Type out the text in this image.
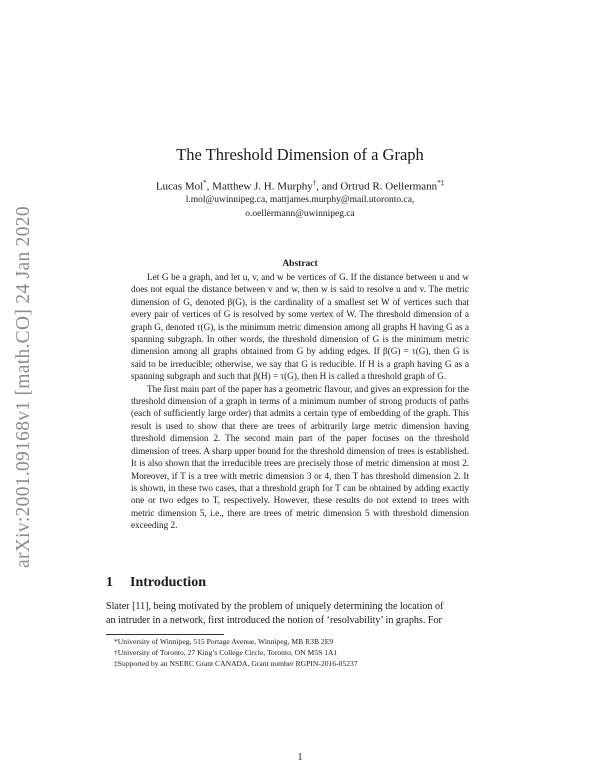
arXiv:2001.09168v1 [math.CO] 24 Jan 2020
The Threshold Dimension of a Graph
Lucas Mol*, Matthew J. H. Murphy†, and Ortrud R. Oellermann*‡
l.mol@uwinnipeg.ca, mattjames.murphy@mail.utoronto.ca,
o.oellermann@uwinnipeg.ca
Abstract

Let G be a graph, and let u, v, and w be vertices of G. If the distance between u and w does not equal the distance between v and w, then w is said to resolve u and v. The metric dimension of G, denoted β(G), is the cardinality of a smallest set W of vertices such that every pair of vertices of G is resolved by some vertex of W. The threshold dimension of a graph G, denoted τ(G), is the minimum metric dimension among all graphs H having G as a spanning subgraph. In other words, the threshold dimension of G is the minimum metric dimension among all graphs obtained from G by adding edges. If β(G) = τ(G), then G is said to be irreducible; otherwise, we say that G is reducible. If H is a graph having G as a spanning subgraph and such that β(H) = τ(G), then H is called a threshold graph of G.

The first main part of the paper has a geometric flavour, and gives an expression for the threshold dimension of a graph in terms of a minimum number of strong products of paths (each of sufficiently large order) that admits a certain type of embedding of the graph. This result is used to show that there are trees of arbitrarily large metric dimension having threshold dimension 2. The second main part of the paper focuses on the threshold dimension of trees. A sharp upper bound for the threshold dimension of trees is established. It is also shown that the irreducible trees are precisely those of metric dimension at most 2. Moreover, if T is a tree with metric dimension 3 or 4, then T has threshold dimension 2. It is shown, in these two cases, that a threshold graph for T can be obtained by adding exactly one or two edges to T, respectively. However, these results do not extend to trees with metric dimension 5, i.e., there are trees of metric dimension 5 with threshold dimension exceeding 2.

1 Introduction
Slater [11], being motivated by the problem of uniquely determining the location of
an intruder in a network, first introduced the notion of ‘resolvability’ in graphs. For
*University of Winnipeg, 515 Portage Avenue, Winnipeg, MB R3B 2E9
†University of Toronto, 27 King’s College Circle, Toronto, ON M5S 1A1
‡Supported by an NSERC Grant CANADA, Grant number RGPIN-2016-05237
1
